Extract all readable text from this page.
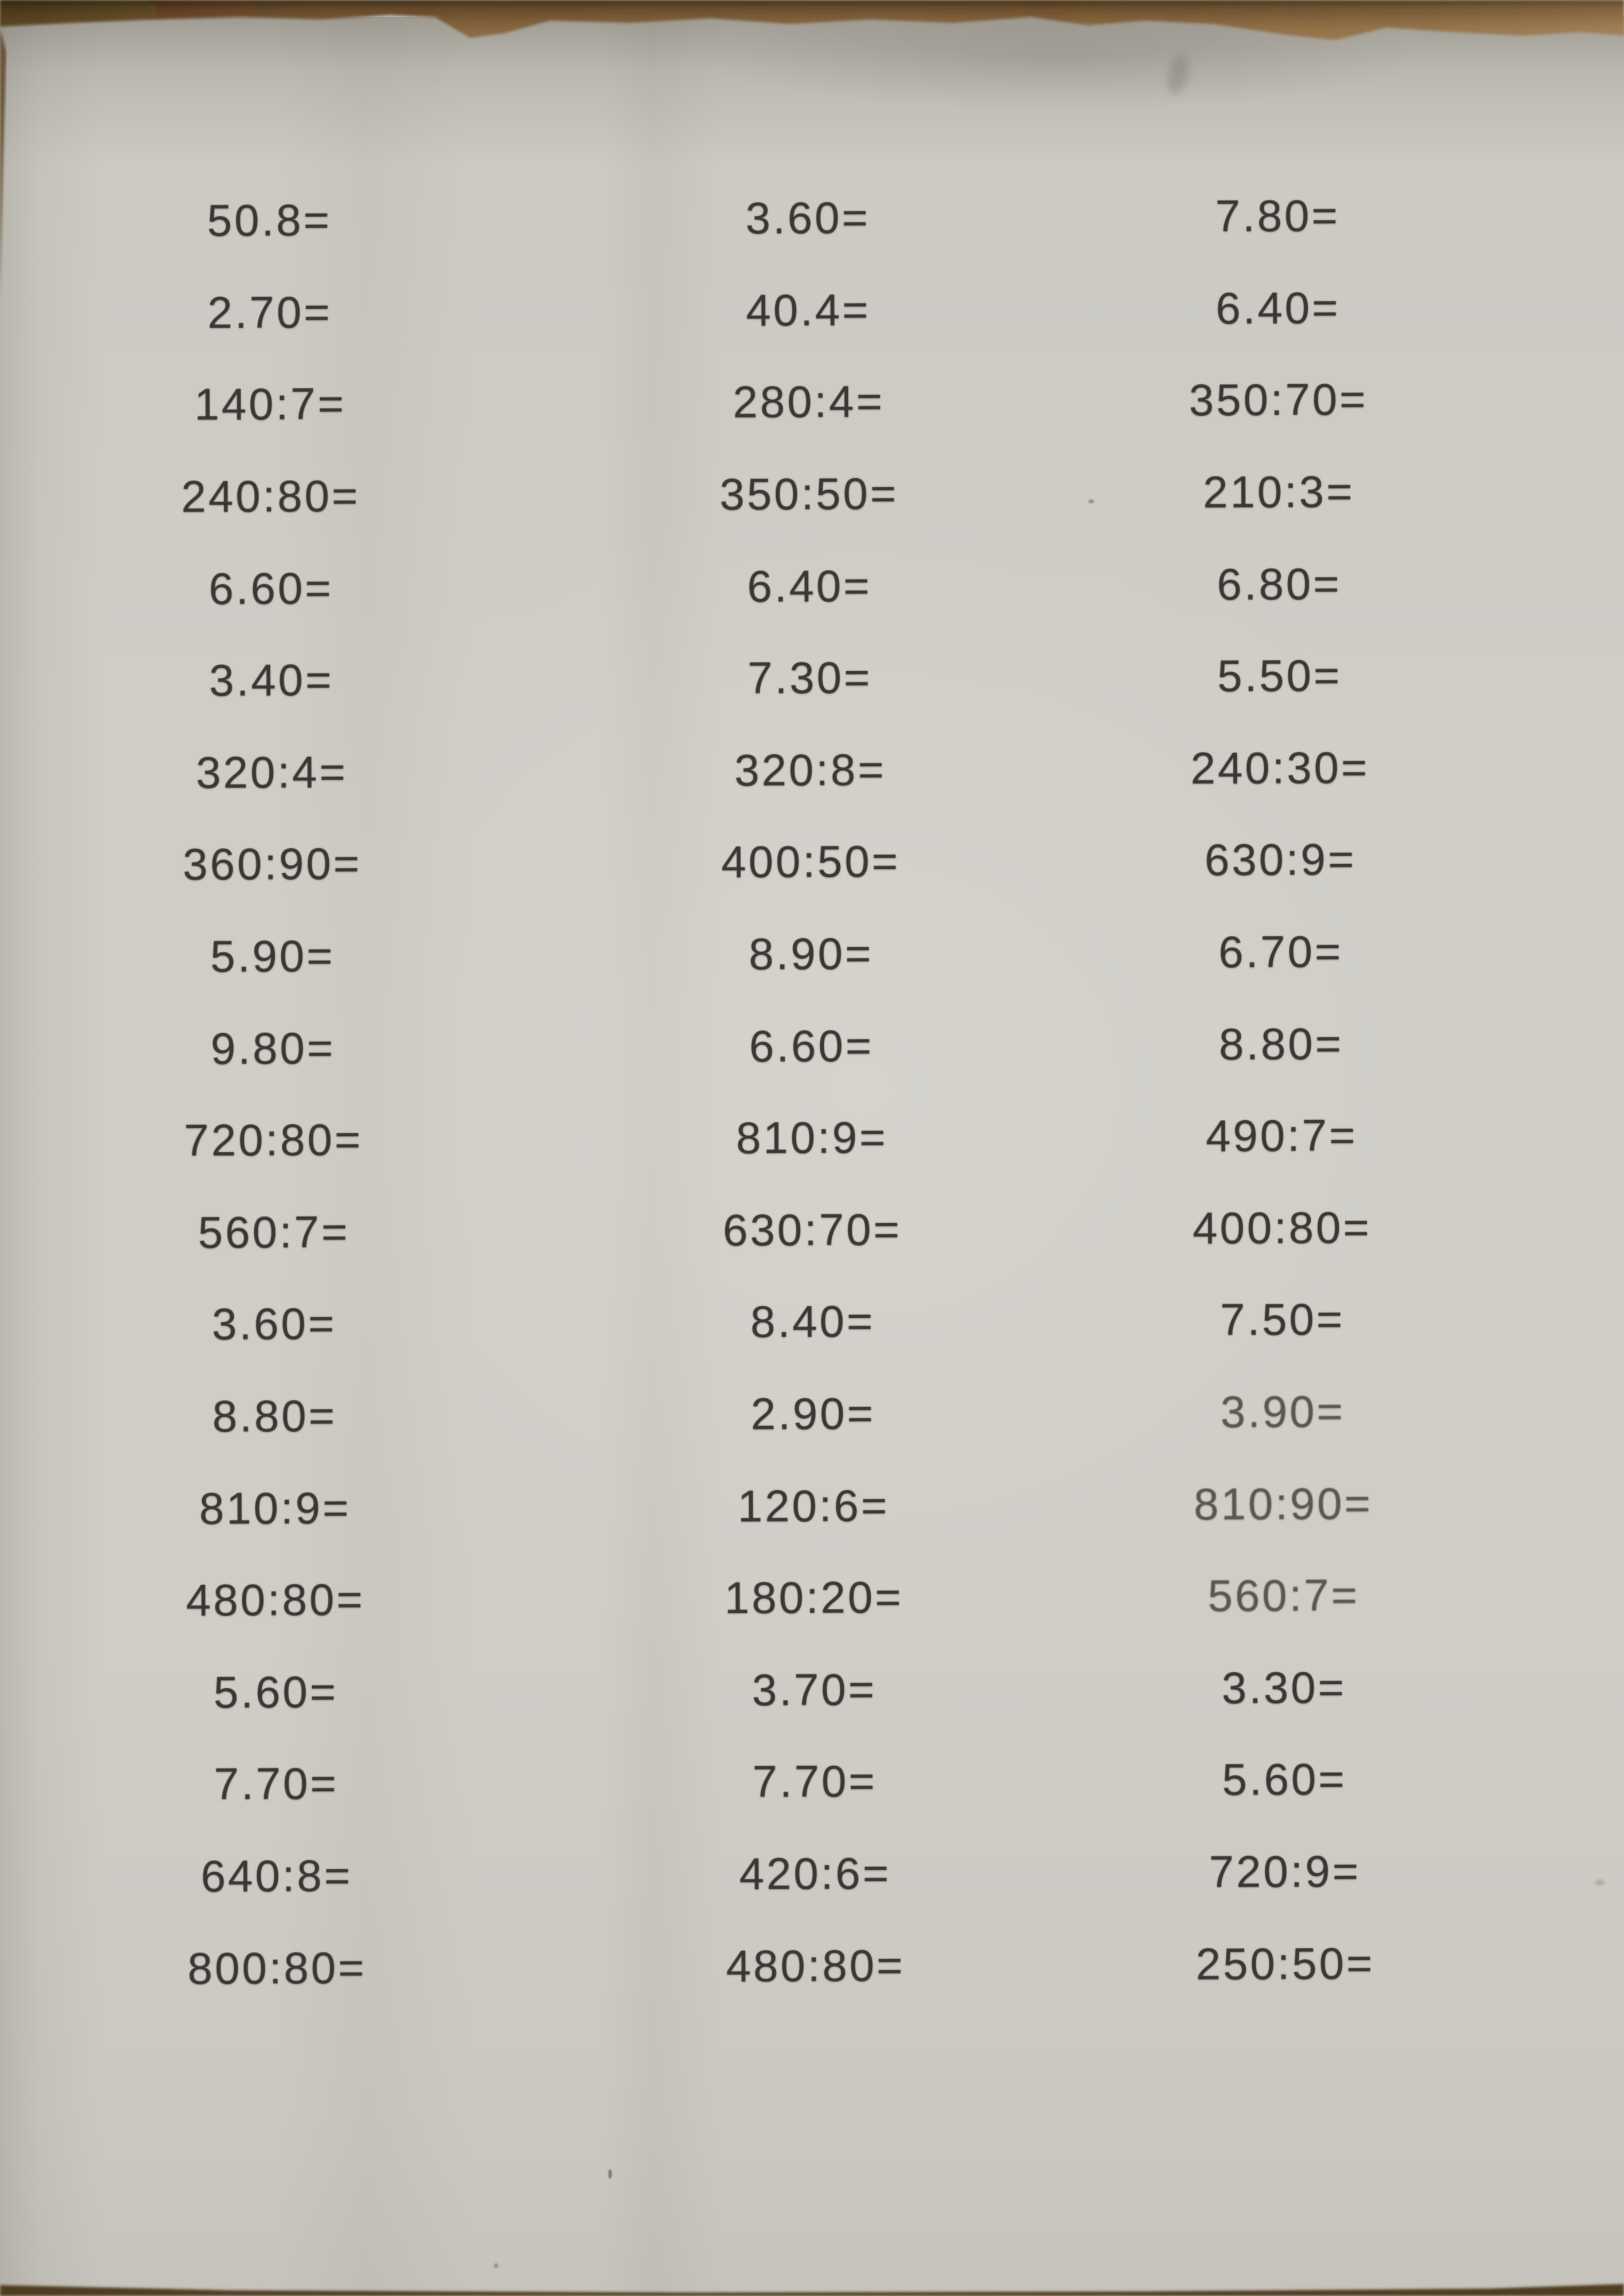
50.8=	3.60=	7.80=
2.70=	40.4=	6.40=
140:7=	280:4=	350:70=
240:80=	350:50=	210:3=
6.60=	6.40=	6.80=
3.40=	7.30=	5.50=
320:4=	320:8=	240:30=
360:90=	400:50=	630:9=
5.90=	8.90=	6.70=
9.80=	6.60=	8.80=
720:80=	810:9=	490:7=
560:7=	630:70=	400:80=
3.60=	8.40=	7.50=
8.80=	2.90=	3.90=
810:9=	120:6=	810:90=
480:80=	180:20=	560:7=
5.60=	3.70=	3.30=
7.70=	7.70=	5.60=
640:8=	420:6=	720:9=
800:80=	480:80=	250:50=
